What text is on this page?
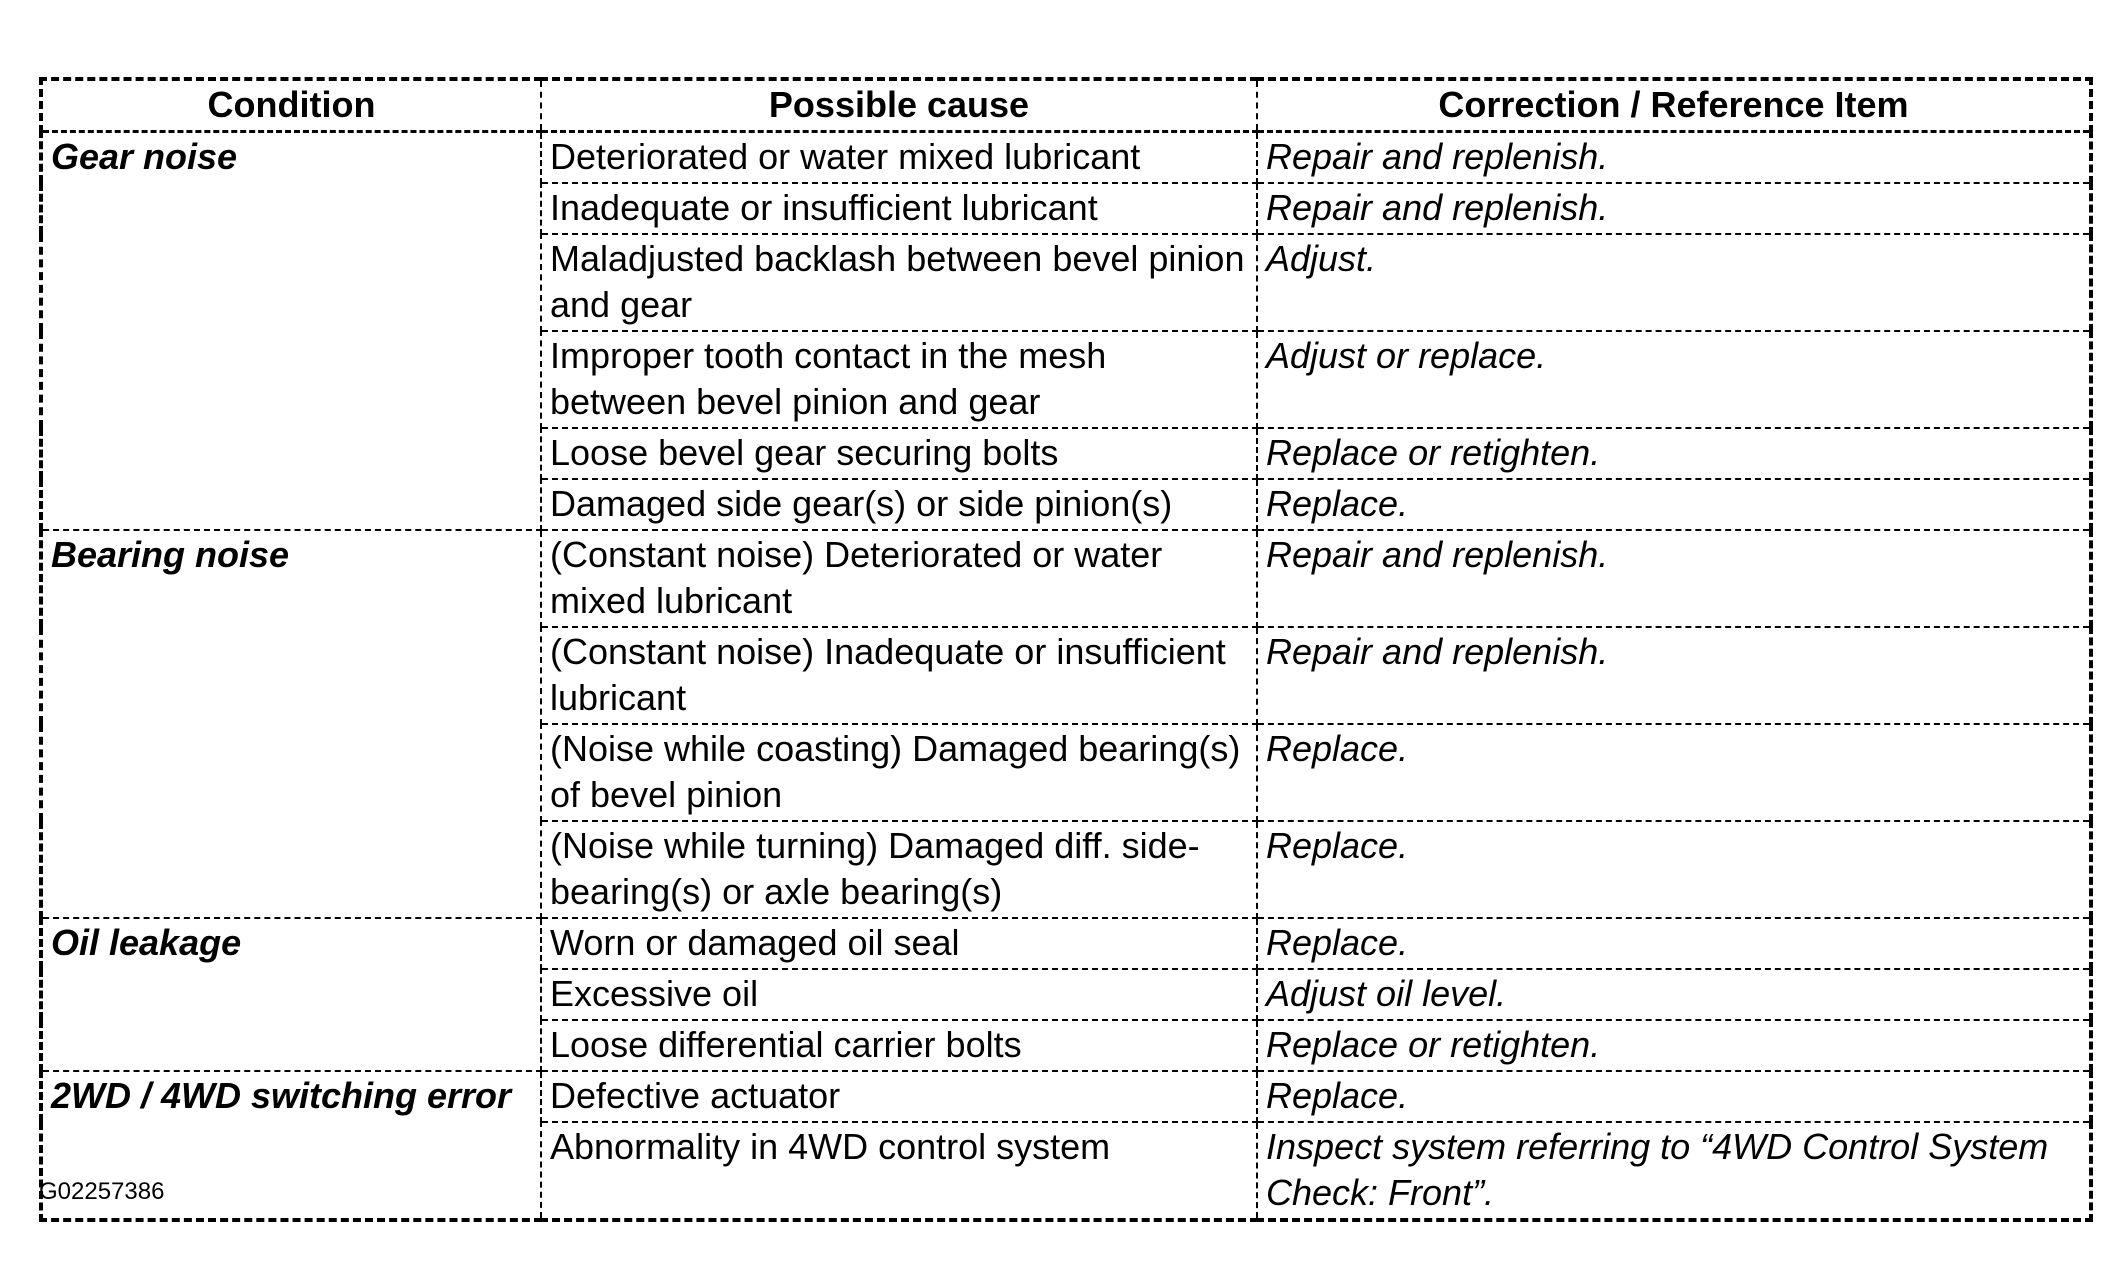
Condition	Possible cause	Correction / Reference Item
Gear noise	Deteriorated or water mixed lubricant	Repair and replenish.
	Inadequate or insufficient lubricant	Repair and replenish.
	Maladjusted backlash between bevel pinion and gear	Adjust.
	Improper tooth contact in the mesh between bevel pinion and gear	Adjust or replace.
	Loose bevel gear securing bolts	Replace or retighten.
	Damaged side gear(s) or side pinion(s)	Replace.
Bearing noise	(Constant noise) Deteriorated or water mixed lubricant	Repair and replenish.
	(Constant noise) Inadequate or insufficient lubricant	Repair and replenish.
	(Noise while coasting) Damaged bearing(s) of bevel pinion	Replace.
	(Noise while turning) Damaged diff. side-bearing(s) or axle bearing(s)	Replace.
Oil leakage	Worn or damaged oil seal	Replace.
	Excessive oil	Adjust oil level.
	Loose differential carrier bolts	Replace or retighten.
2WD / 4WD switching error	Defective actuator	Replace.
	Abnormality in 4WD control system	Inspect system referring to “4WD Control System Check: Front”.
G02257386
